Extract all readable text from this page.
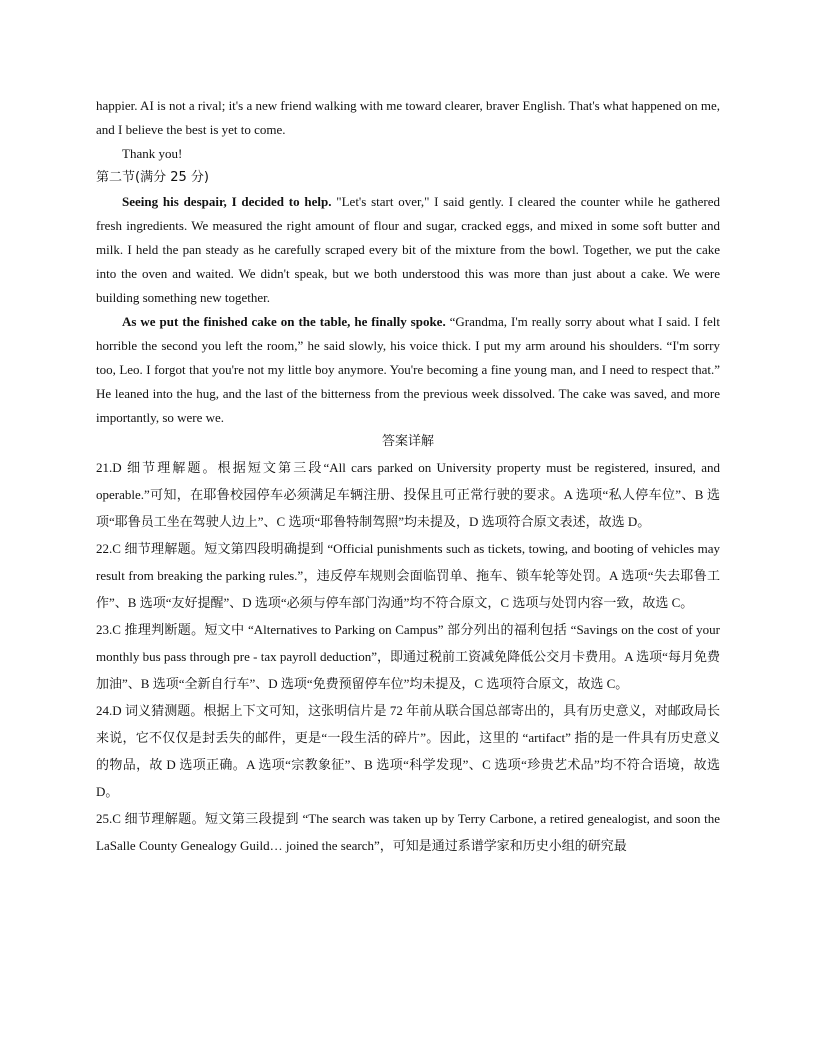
happier. AI is not a rival; it's a new friend walking with me toward clearer, braver English. That's what happened on me, and I believe the best is yet to come.

Thank you!

第二节(满分 25 分)

Seeing his despair, I decided to help. "Let's start over," I said gently. I cleared the counter while he gathered fresh ingredients. We measured the right amount of flour and sugar, cracked eggs, and mixed in some soft butter and milk. I held the pan steady as he carefully scraped every bit of the mixture from the bowl. Together, we put the cake into the oven and waited. We didn't speak, but we both understood this was more than just about a cake. We were building something new together.

As we put the finished cake on the table, he finally spoke. “Grandma, I'm really sorry about what I said. I felt horrible the second you left the room,” he said slowly, his voice thick. I put my arm around his shoulders. “I'm sorry too, Leo. I forgot that you're not my little boy anymore. You're becoming a fine young man, and I need to respect that.” He leaned into the hug, and the last of the bitterness from the previous week dissolved. The cake was saved, and more importantly, so were we.

答案详解

21.D 细节理解题。根据短文第三段“All cars parked on University property must be registered, insured, and operable.”可知，在耶鲁校园停车必须满足车辆注册、投保且可正常行驶的要求。A 选项“私人停车位”、B 选项“耶鲁员工坐在驾驶人边上”、C 选项“耶鲁特制驾照”均未提及，D 选项符合原文表述，故选 D。

22.C 细节理解题。短文第四段明确提到 “Official punishments such as tickets, towing, and booting of vehicles may result from breaking the parking rules.”，违反停车规则会面临罚单、拖车、锁车轮等处罚。A 选项“失去耶鲁工作”、B 选项“友好提醒”、D 选项“必须与停车部门沟通”均不符合原文，C 选项与处罚内容一致，故选 C。

23.C 推理判断题。短文中 “Alternatives to Parking on Campus” 部分列出的福利包括 “Savings on the cost of your monthly bus pass through pre - tax payroll deduction”，即通过税前工资减免降低公交月卡费用。A 选项“每月免费加油”、B 选项“全新自行车”、D 选项“免费预留停车位”均未提及，C 选项符合原文，故选 C。

24.D 词义猜测题。根据上下文可知，这张明信片是 72 年前从联合国总部寄出的，具有历史意义，对邮政局长来说，它不仅仅是封丢失的邮件，更是“一段生活的碎片”。因此，这里的 “artifact” 指的是一件具有历史意义的物品，故 D 选项正确。A 选项“宗教象征”、B 选项“科学发现”、C 选项“珍贵艺术品”均不符合语境，故选 D。

25.C 细节理解题。短文第三段提到 “The search was taken up by Terry Carbone, a retired genealogist, and soon the LaSalle County Genealogy Guild… joined the search”，可知是通过系谱学家和历史小组的研究最
